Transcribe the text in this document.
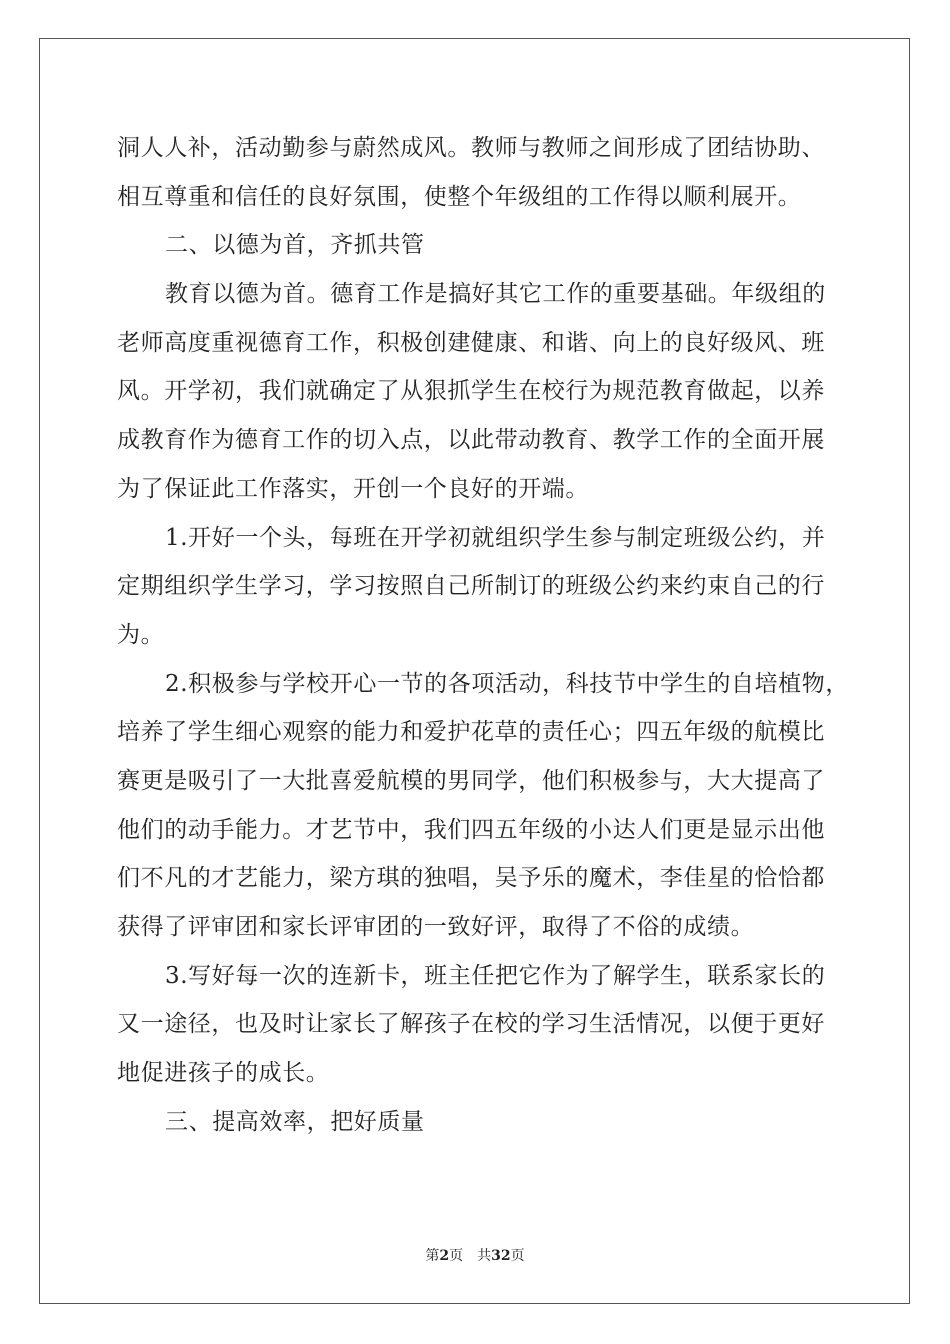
洞人人补，活动勤参与蔚然成风。教师与教师之间形成了团结协助、
相互尊重和信任的良好氛围，使整个年级组的工作得以顺利展开。
二、以德为首，齐抓共管
教育以德为首。德育工作是搞好其它工作的重要基础。年级组的
老师高度重视德育工作，积极创建健康、和谐、向上的良好级风、班
风。开学初，我们就确定了从狠抓学生在校行为规范教育做起，以养
成教育作为德育工作的切入点，以此带动教育、教学工作的全面开展
为了保证此工作落实，开创一个良好的开端。
1.开好一个头，每班在开学初就组织学生参与制定班级公约，并
定期组织学生学习，学习按照自己所制订的班级公约来约束自己的行
为。
2.积极参与学校开心一节的各项活动，科技节中学生的自培植物，
培养了学生细心观察的能力和爱护花草的责任心；四五年级的航模比
赛更是吸引了一大批喜爱航模的男同学，他们积极参与，大大提高了
他们的动手能力。才艺节中，我们四五年级的小达人们更是显示出他
们不凡的才艺能力，梁方琪的独唱，吴予乐的魔术，李佳星的恰恰都
获得了评审团和家长评审团的一致好评，取得了不俗的成绩。
3.写好每一次的连新卡，班主任把它作为了解学生，联系家长的
又一途径，也及时让家长了解孩子在校的学习生活情况，以便于更好
地促进孩子的成长。
三、提高效率，把好质量
第2页　共32页
